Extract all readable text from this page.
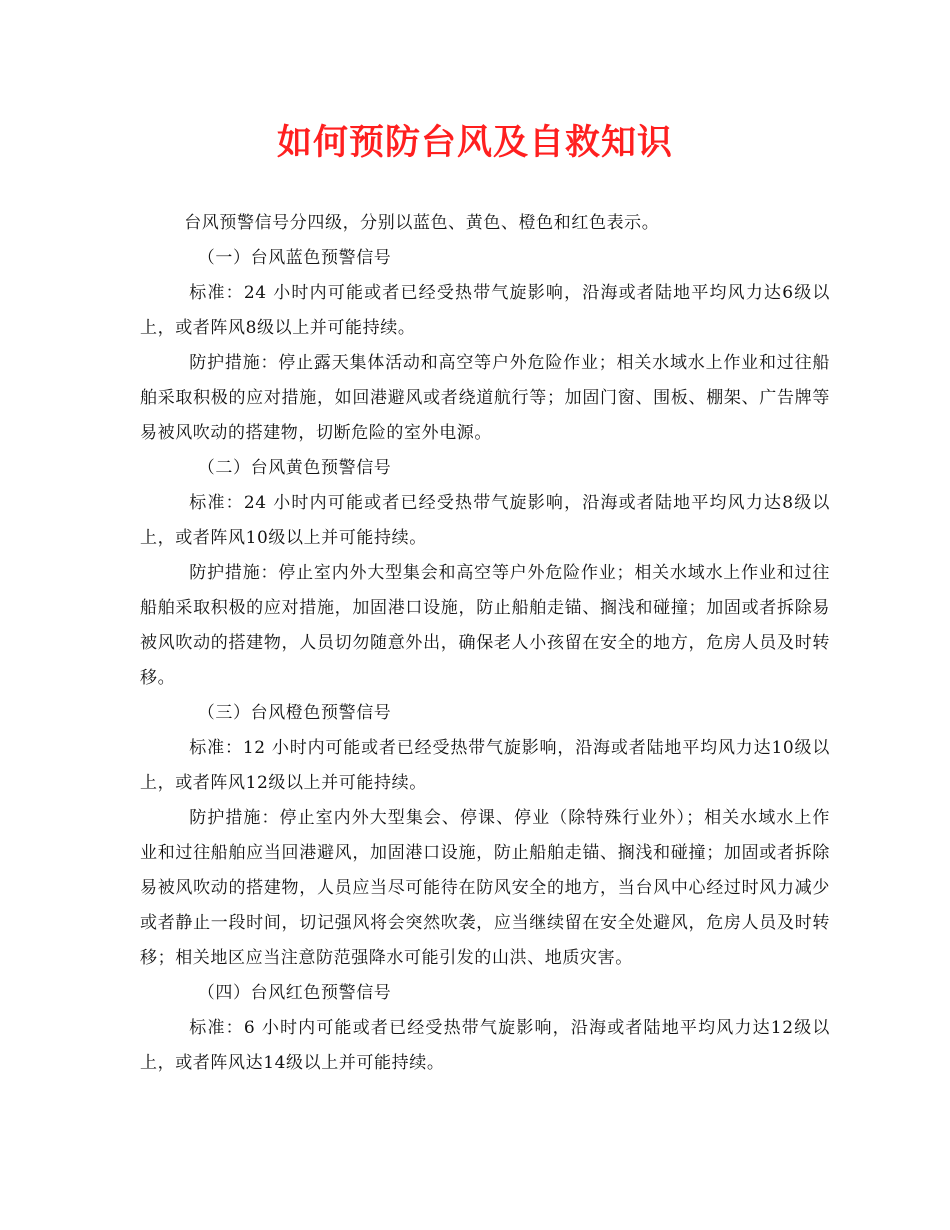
如何预防台风及自救知识

台风预警信号分四级，分别以蓝色、黄色、橙色和红色表示。

（一）台风蓝色预警信号

标准：24 小时内可能或者已经受热带气旋影响，沿海或者陆地平均风力达6级以上，或者阵风8级以上并可能持续。

防护措施：停止露天集体活动和高空等户外危险作业；相关水域水上作业和过往船舶采取积极的应对措施，如回港避风或者绕道航行等；加固门窗、围板、棚架、广告牌等易被风吹动的搭建物，切断危险的室外电源。

（二）台风黄色预警信号

标准：24 小时内可能或者已经受热带气旋影响，沿海或者陆地平均风力达8级以上，或者阵风10级以上并可能持续。

防护措施：停止室内外大型集会和高空等户外危险作业；相关水域水上作业和过往船舶采取积极的应对措施，加固港口设施，防止船舶走锚、搁浅和碰撞；加固或者拆除易被风吹动的搭建物，人员切勿随意外出，确保老人小孩留在安全的地方，危房人员及时转移。

（三）台风橙色预警信号

标准：12 小时内可能或者已经受热带气旋影响，沿海或者陆地平均风力达10级以上，或者阵风12级以上并可能持续。

防护措施：停止室内外大型集会、停课、停业（除特殊行业外）；相关水域水上作业和过往船舶应当回港避风，加固港口设施，防止船舶走锚、搁浅和碰撞；加固或者拆除易被风吹动的搭建物，人员应当尽可能待在防风安全的地方，当台风中心经过时风力减少或者静止一段时间，切记强风将会突然吹袭，应当继续留在安全处避风，危房人员及时转移；相关地区应当注意防范强降水可能引发的山洪、地质灾害。

（四）台风红色预警信号

标准：6 小时内可能或者已经受热带气旋影响，沿海或者陆地平均风力达12级以上，或者阵风达14级以上并可能持续。
